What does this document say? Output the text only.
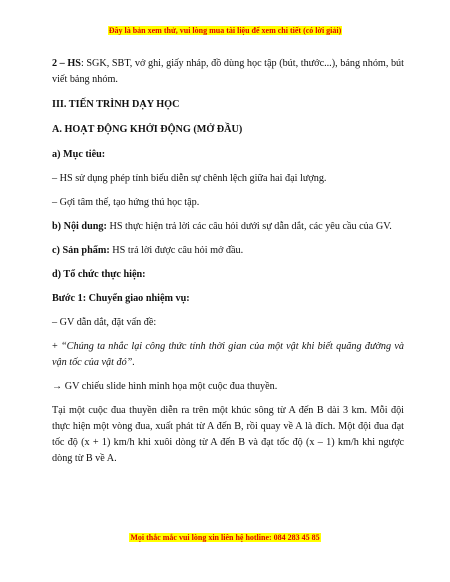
Đây là bản xem thử, vui lòng mua tài liệu để xem chi tiết (có lời giải)

2 – HS: SGK, SBT, vở ghi, giấy nháp, đồ dùng học tập (bút, thước...), bảng nhóm, bút viết bảng nhóm.

III. TIẾN TRÌNH DẠY HỌC

A. HOẠT ĐỘNG KHỞI ĐỘNG (MỞ ĐẦU)

a) Mục tiêu:

– HS sử dụng phép tính biểu diễn sự chênh lệch giữa hai đại lượng.

– Gợi tâm thế, tạo hứng thú học tập.

b) Nội dung: HS thực hiện trả lời các câu hỏi dưới sự dẫn dắt, các yêu cầu của GV.

c) Sản phẩm: HS trả lời được câu hỏi mở đầu.

d) Tổ chức thực hiện:

Bước 1: Chuyển giao nhiệm vụ:

– GV dẫn dắt, đặt vấn đề:

+ “Chúng ta nhắc lại công thức tính thời gian của một vật khi biết quãng đường và vận tốc của vật đó”.

→ GV chiếu slide hình minh họa một cuộc đua thuyền.

Tại một cuộc đua thuyền diễn ra trên một khúc sông từ A đến B dài 3 km. Mỗi đội thực hiện một vòng đua, xuất phát từ A đến B, rồi quay về A là đích. Một đội đua đạt tốc độ (x + 1) km/h khi xuôi dòng từ A đến B và đạt tốc độ (x – 1) km/h khi ngược dòng từ B về A.

Mọi thắc mắc vui lòng xin liên hệ hotline: 084 283 45 85
